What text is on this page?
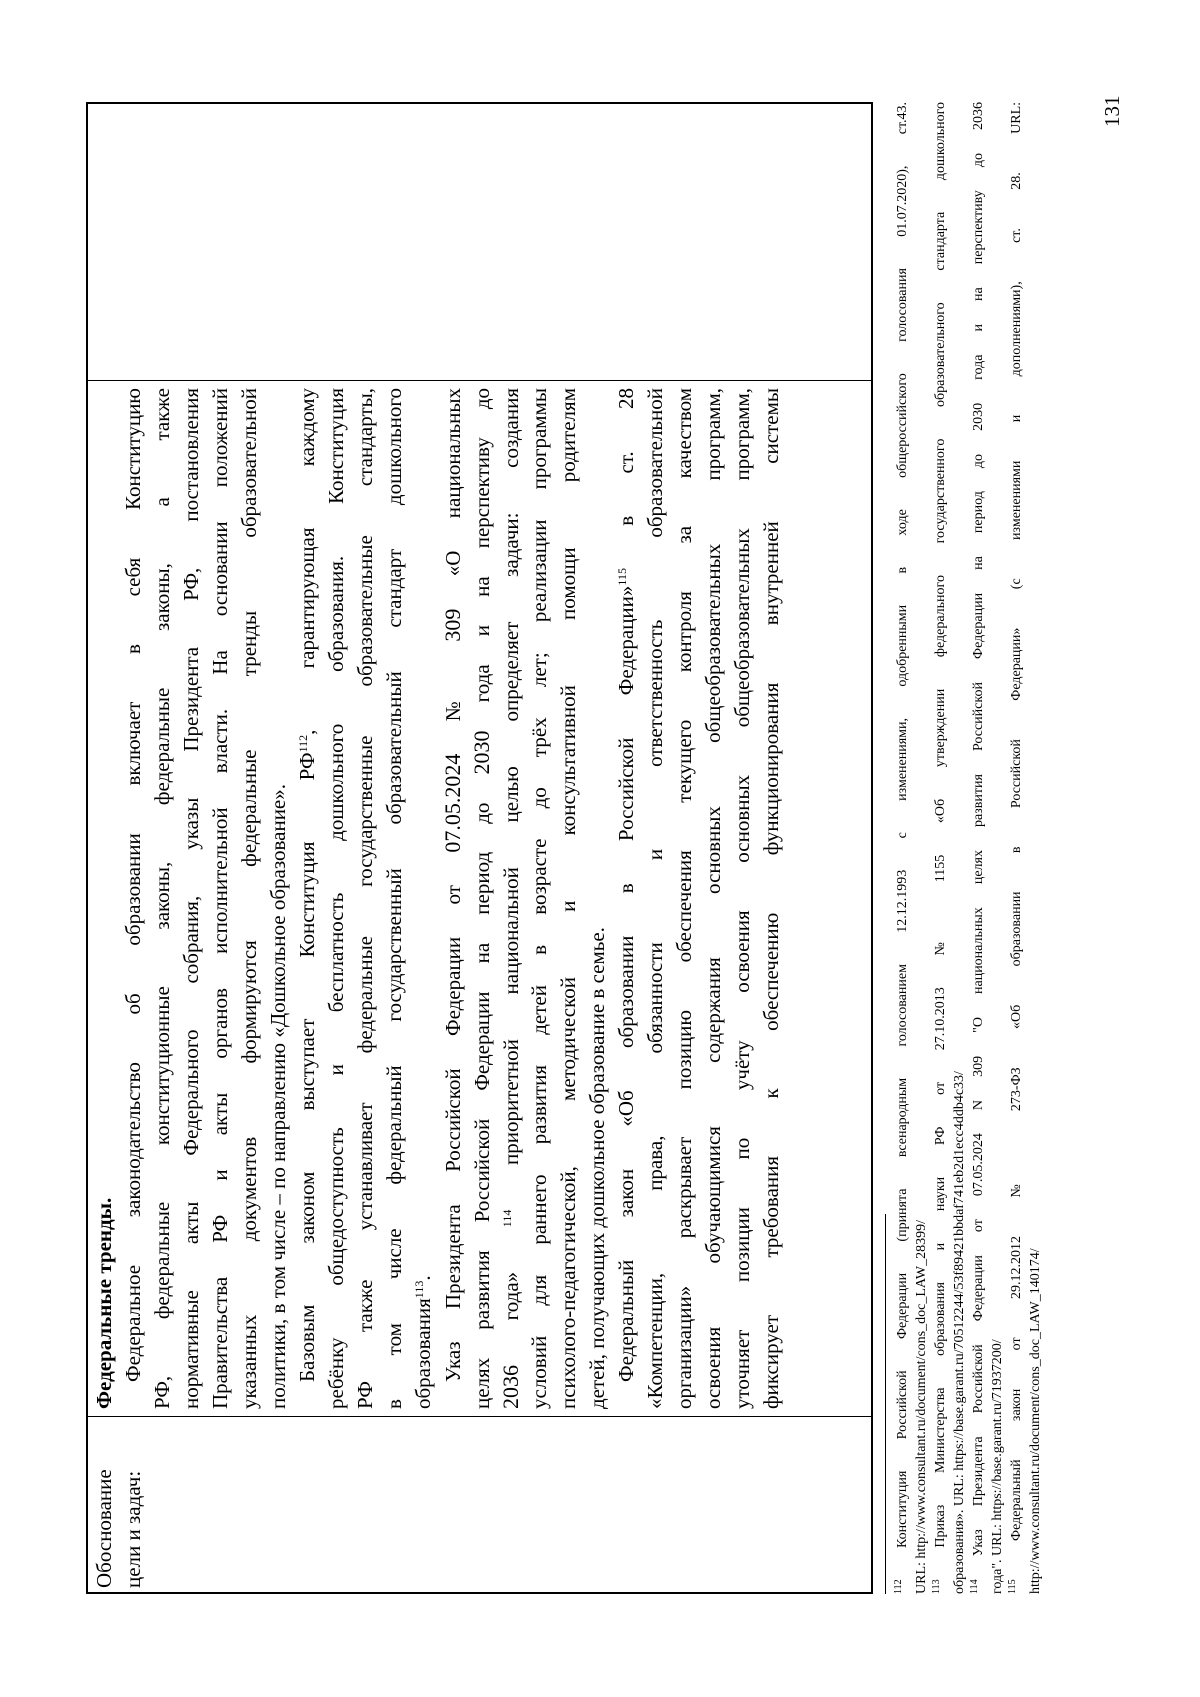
Обоснование цели и задач:

Федеральные тренды. Федеральное законодательство об образовании включает в себя Конституцию РФ, федеральные конституционные законы, федеральные законы, а также нормативные акты Федерального собрания, указы Президента РФ, постановления Правительства РФ и акты органов исполнительной власти. На основании положений указанных документов формируются федеральные тренды образовательной политики, в том числе – по направлению «Дошкольное образование». Базовым законом выступает Конституция РФ$^{112}$, гарантирующая каждому ребёнку общедоступность и бесплатность дошкольного образования. Конституция РФ также устанавливает федеральные государственные образовательные стандарты, в том числе федеральный государственный образовательный стандарт дошкольного образования$^{113}$. Указ Президента Российской Федерации от 07.05.2024 № 309 «О национальных
целях развития Российской Федерации на период до 2030 года и на перспективу до
2036 года» $^{114}$ приоритетной национальной целью определяет задачи: создания условий для раннего развития детей в возрасте до трёх лет; реализации программы психолого-педагогической, методической и консультативной помощи родителям детей, получающих дошкольное образование в семье. Федеральный закон «Об образовании в Российской Федерации»$^{115}$ в ст. 28 «Компетенции, права, обязанности и ответственность образовательной организации» раскрывает позицию обеспечения текущего контроля за качеством освоения обучающимися содержания основных общеобразовательных программ, уточняет позиции по учёту освоения основных общеобразовательных программ, фиксирует требования к обеспечению функционирования внутренней системы
$^{112}$ Конституция Российской Федерации (принята всенародным голосованием 12.12.1993 с изменениями, одобренными в ходе общероссийского голосования 01.07.2020), ст.43. URL: http://www.consultant.ru/document/cons_doc_LAW_28399/ $^{113}$ Приказ Министерства образования и науки РФ от 27.10.2013 № 1155 «Об утверждении федерального государственного образовательного стандарта дошкольного образования». URL: https://base.garant.ru/70512244/53f89421bbdaf741eb2d1ecc4ddb4c33/ $^{114}$ Указ Президента Российской Федерации от 07.05.2024 N 309 "О национальных целях развития Российской Федерации на период до 2030 года и на перспективу до 2036 года". URL: https://base.garant.ru/71937200/ $^{115}$ Федеральный закон от 29.12.2012 № 273-ФЗ «Об образовании в Российской Федерации» (с изменениями и дополнениями), ст. 28. URL: http://www.consultant.ru/document/cons_doc_LAW_140174/
131
